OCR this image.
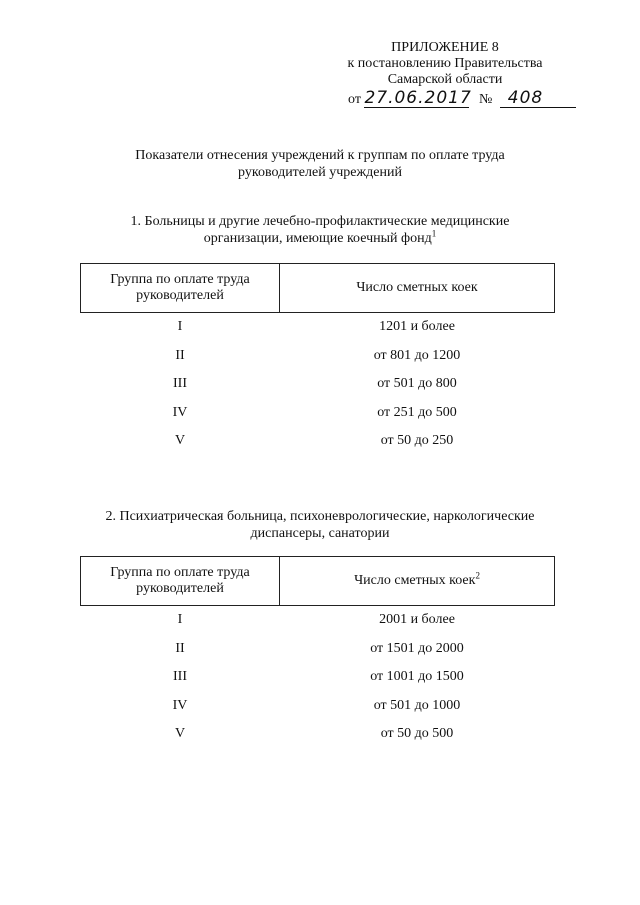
ПРИЛОЖЕНИЕ 8
к постановлению Правительства
Самарской области
от 27.06.2017 № 408
Показатели отнесения учреждений к группам по оплате труда
руководителей учреждений
1. Больницы и другие лечебно-профилактические медицинские
организации, имеющие коечный фонд$^1$
Группа по оплате труда руководителей	Число сметных коек
I	1201 и более
II	от 801 до 1200
III	от 501 до 800
IV	от 251 до 500
V	от 50 до 250
2. Психиатрическая больница, психоневрологические, наркологические
диспансеры, санатории
Группа по оплате труда руководителей	Число сметных коек$^2$
I	2001 и более
II	от 1501 до 2000
III	от 1001 до 1500
IV	от 501 до 1000
V	от 50 до 500
